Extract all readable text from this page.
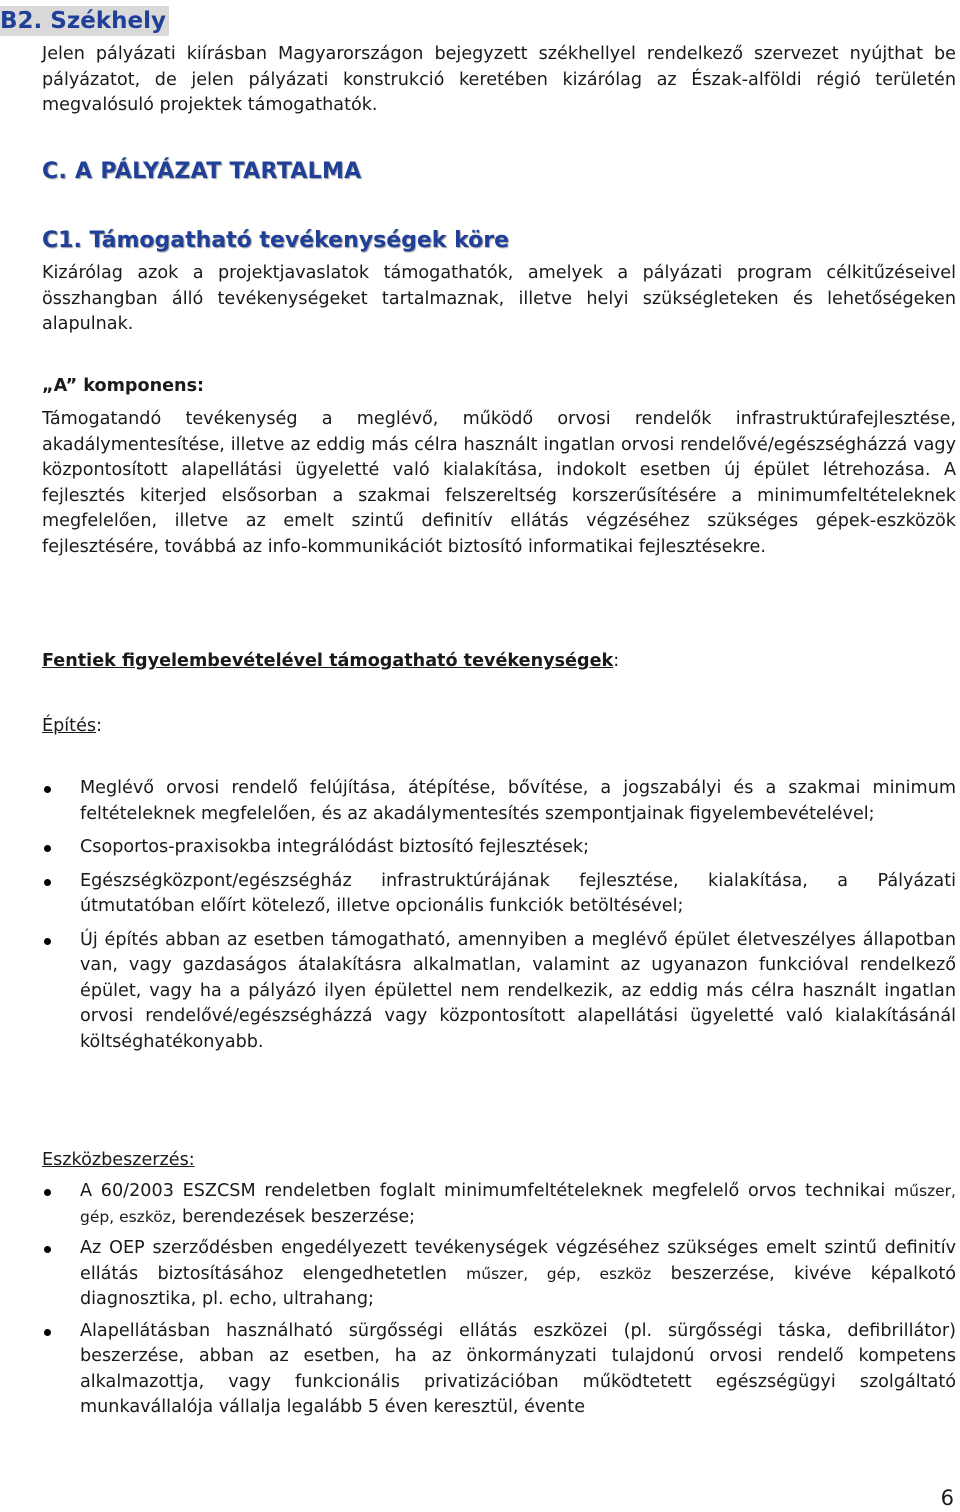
B2. Székhely
Jelen pályázati kiírásban Magyarországon bejegyzett székhellyel rendelkező szervezet nyújthat be pályázatot, de jelen pályázati konstrukció keretében kizárólag az Észak-alföldi régió területén megvalósuló projektek támogathatók.
C. A PÁLYÁZAT TARTALMA
C1. Támogatható tevékenységek köre
Kizárólag azok a projektjavaslatok támogathatók, amelyek a pályázati program célkitűzéseivel összhangban álló tevékenységeket tartalmaznak, illetve helyi szükségleteken és lehetőségeken alapulnak.
„A” komponens:
Támogatandó tevékenység a meglévő, működő orvosi rendelők infrastruktúrafejlesztése, akadálymentesítése, illetve az eddig más célra használt ingatlan orvosi rendelővé/egészségházzá vagy központosított alapellátási ügyeletté való kialakítása, indokolt esetben új épület létrehozása. A fejlesztés kiterjed elsősorban a szakmai felszereltség korszerűsítésére a minimumfeltételeknek megfelelően, illetve az emelt szintű definitív ellátás végzéséhez szükséges gépek-eszközök fejlesztésére, továbbá az info-kommunikációt biztosító informatikai fejlesztésekre.
Fentiek figyelembevételével támogatható tevékenységek:
Építés:
Meglévő orvosi rendelő felújítása, átépítése, bővítése, a jogszabályi és a szakmai minimum feltételeknek megfelelően, és az akadálymentesítés szempontjainak figyelembevételével;
Csoportos-praxisokba integrálódást biztosító fejlesztések;
Egészségközpont/egészségház infrastruktúrájának fejlesztése, kialakítása, a Pályázati útmutatóban előírt kötelező, illetve opcionális funkciók betöltésével;
Új építés abban az esetben támogatható, amennyiben a meglévő épület életveszélyes állapotban van, vagy gazdaságos átalakításra alkalmatlan, valamint az ugyanazon funkcióval rendelkező épület, vagy ha a pályázó ilyen épülettel nem rendelkezik, az eddig más célra használt ingatlan orvosi rendelővé/egészségházzá vagy központosított alapellátási ügyeletté való kialakításánál költséghatékonyabb.
Eszközbeszerzés:
A 60/2003 ESZCSM rendeletben foglalt minimumfeltételeknek megfelelő orvos technikai műszer, gép, eszköz, berendezések beszerzése;
Az OEP szerződésben engedélyezett tevékenységek végzéséhez szükséges emelt szintű definitív ellátás biztosításához elengedhetetlen műszer, gép, eszköz beszerzése, kivéve képalkotó diagnosztika, pl. echo, ultrahang;
Alapellátásban használható sürgősségi ellátás eszközei (pl. sürgősségi táska, defibrillátor) beszerzése, abban az esetben, ha az önkormányzati tulajdonú orvosi rendelő kompetens alkalmazottja, vagy funkcionális privatizációban működtetett egészségügyi szolgáltató munkavállalója vállalja legalább 5 éven keresztül, évente
6
